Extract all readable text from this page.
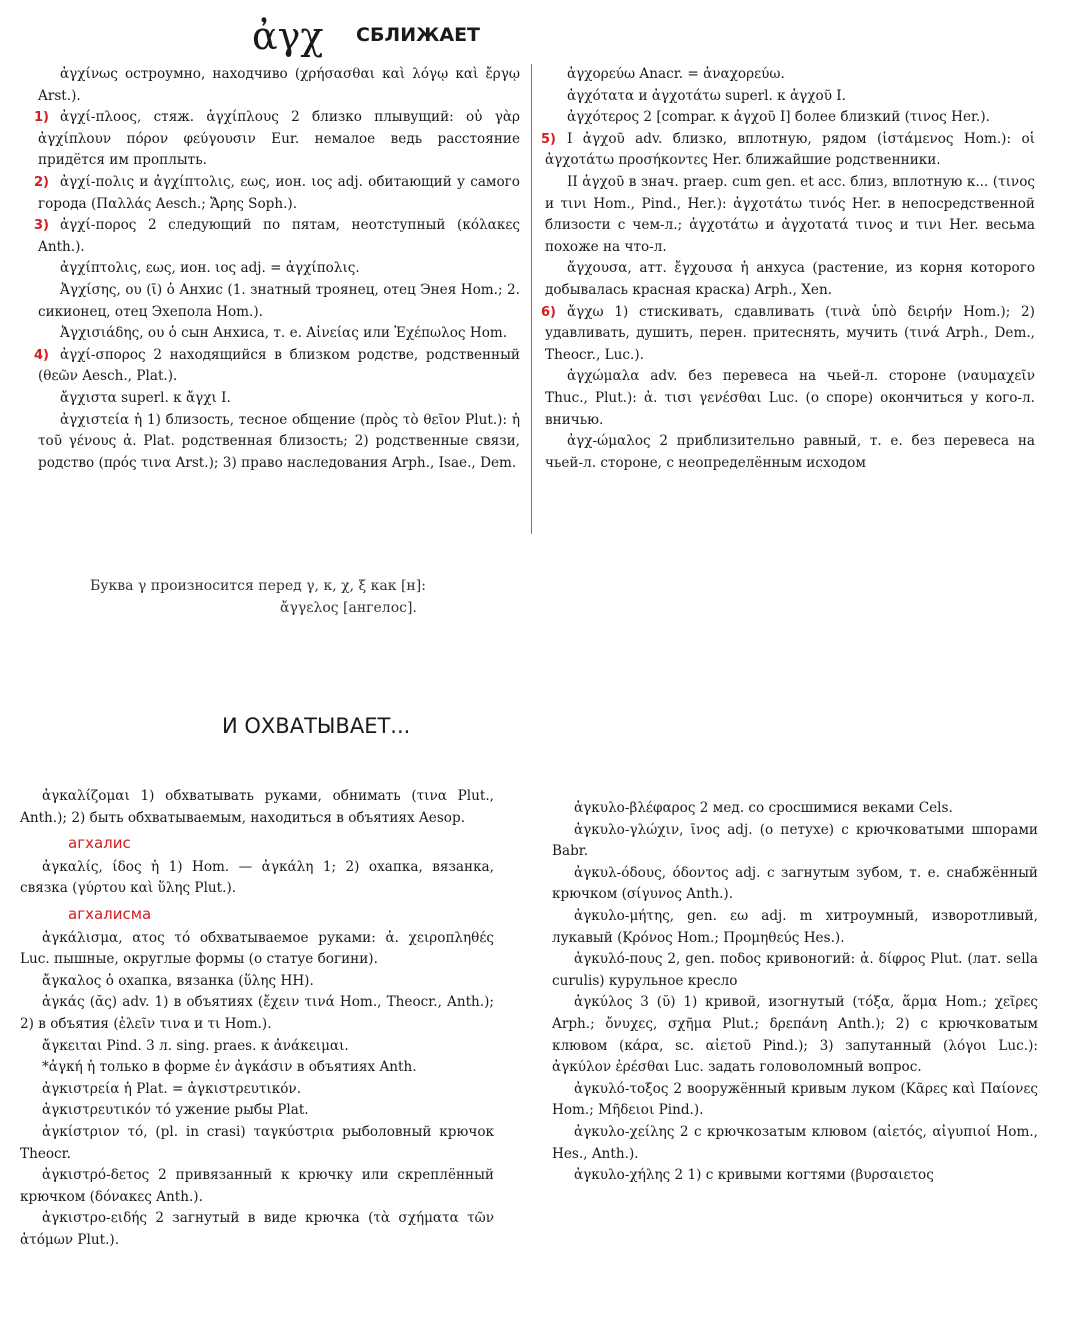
ἀγχ СБЛИЖАЕТ

ἀγχίνως остроумно, находчиво (χρήσασθαι καὶ λόγῳ καὶ ἔργῳ Arst.).

1) ἀγχί-πλοος, стяж. ἀγχίπλους 2 близко плывущий: οὐ γὰρ ἀγχίπλουν πόρον φεύγουσιν Eur. немалое ведь расстояние придётся им проплыть.

2) ἀγχί-πολις и ἀγχίπτολις, εως, ион. ιος adj. обитающий у самого города (Παλλάς Aesch.; Ἄρης Soph.).

3) ἀγχί-πορος 2 следующий по пятам, неотступный (κόλακες Anth.).

ἀγχίπτολις, εως, ион. ιος adj. = ἀγχίπολις.

Ἀγχίσης, ου (ῑ) ὁ Анхис (1. знатный троянец, отец Энея Hom.; 2. сикионец, отец Эхепола Hom.).

Ἀγχισιάδης, ου ὁ сын Анхиса, т. е. Αἰνείας или Ἐχέπωλος Hom.

4) ἀγχί-σπορος 2 находящийся в близком родстве, родственный (θεῶν Aesch., Plat.).

ἄγχιστα superl. к ἄγχι I.

ἀγχιστεία ἡ 1) близость, тесное общение (πρὸς τὸ θεῖον Plut.): ἡ τοῦ γένους ἀ. Plat. родственная близость; 2) родственные связи, родство (πρός τινα Arst.); 3) право наследования Arph., Isae., Dem.

ἀγχορεύω Anacr. = ἀναχορεύω.

ἀγχότατα и ἀγχοτάτω superl. к ἀγχοῦ I.

ἀγχότερος 2 [compar. к ἀγχοῦ I] более близкий (τινος Her.).

5) I ἀγχοῦ adv. близко, вплотную, рядом (ἱστάμενος Hom.): οἱ ἀγχοτάτω προσήκοντες Her. ближайшие родственники.

II ἀγχοῦ в знач. praep. cum gen. et acc. близ, вплотную к... (τινος и τινι Hom., Pind., Her.): ἀγχοτάτω τινός Her. в непосредственной близости с чем-л.; ἀγχοτάτω и ἀγχοτατά τινος и τινι Her. весьма похоже на что-л.

ἄγχουσα, атт. ἔγχουσα ἡ анхуса (растение, из корня которого добывалась красная краска) Arph., Xen.

6) ἄγχω 1) стискивать, сдавливать (τινὰ ὑπὸ δειρήν Hom.); 2) удавливать, душить, перен. притеснять, мучить (τινά Arph., Dem., Theocr., Luc.).

ἀγχώμαλα adv. без перевеса на чьей-л. стороне (ναυμαχεῖν Thuc., Plut.): ἀ. τισι γενέσθαι Luc. (о споре) окончиться у кого-л. вничью.

ἀγχ-ώμαλος 2 приблизительно равный, т. е. без перевеса на чьей-л. стороне, с неопределённым исходом

Буква γ произносится перед γ, κ, χ, ξ как [н]:
ἄγγελος [ангелос].
И ОХВАТЫВАЕТ...

ἀγκαλίζομαι 1) обхватывать руками, обнимать (τινα Plut., Anth.); 2) быть обхватываемым, находиться в объятиях Aesop.

агхалис

ἀγκαλίς, ίδος ἡ 1) Hom. — ἀγκάλη 1; 2) охапка, вязанка, связка (γύρτου καὶ ὕλης Plut.).

агхалисма

ἀγκάλισμα, ατος τό обхватываемое руками: ἀ. χειροπληθές Luc. пышные, округлые формы (о статуе богини).

ἄγκαλος ὁ охапка, вязанка (ὕλης HH).

ἀγκάς (ᾰς) adv. 1) в объятиях (ἔχειν τινά Hom., Theocr., Anth.); 2) в объятия (ἑλεῖν τινα и τι Hom.).

ἄγκειται Pind. 3 л. sing. praes. к ἀνάκειμαι.

*ἀγκή ἡ только в форме ἐν ἀγκάσιν в объятиях Anth.

ἀγκιστρεία ἡ Plat. = ἀγκιστρευτικόν.

ἀγκιστρευτικόν τό ужение рыбы Plat.

ἀγκίστριον τό, (pl. in crasi) ταγκύστρια рыболовный крючок Theocr.

ἀγκιστρό-δετος 2 привязанный к крючку или скреплённый крючком (δόνακες Anth.).

ἀγκιστρο-ειδής 2 загнутый в виде крючка (τὰ σχήματα τῶν ἀτόμων Plut.).

ἀγκυλο-βλέφαρος 2 мед. со сросшимися веками Cels.

ἀγκυλο-γλώχιν, ῑνος adj. (о петухе) с крючковатыми шпорами Babr.

ἀγκυλ-όδους, όδοντος adj. с загнутым зубом, т. е. снабжённый крючком (σίγυνος Anth.).

ἀγκυλο-μήτης, gen. εω adj. m хитроумный, изворотливый, лукавый (Κρόνος Hom.; Προμηθεύς Hes.).

ἀγκυλό-πους 2, gen. ποδος кривоногий: ἀ. δίφρος Plut. (лат. sella curulis) курульное кресло

ἀγκύλος 3 (ῠ) 1) кривой, изогнутый (τόξα, ἅρμα Hom.; χεῖρες Arph.; ὄνυχες, σχῆμα Plut.; δρεπάνη Anth.); 2) с крючковатым клювом (κάρα, sc. αἰετοῦ Pind.); 3) запутанный (λόγοι Luc.): ἀγκύλον ἐρέσθαι Luc. задать головоломный вопрос.

ἀγκυλό-τοξος 2 вооружённый кривым луком (Κᾶρες καὶ Παίονες Hom.; Μῆδειοι Pind.).

ἀγκυλο-χείλης 2 с крючкозатым клювом (αἰετός, αἰγυπιοί Hom., Hes., Anth.).

ἀγκυλο-χήλης 2 1) с кривыми когтями (βυρσαιετος
